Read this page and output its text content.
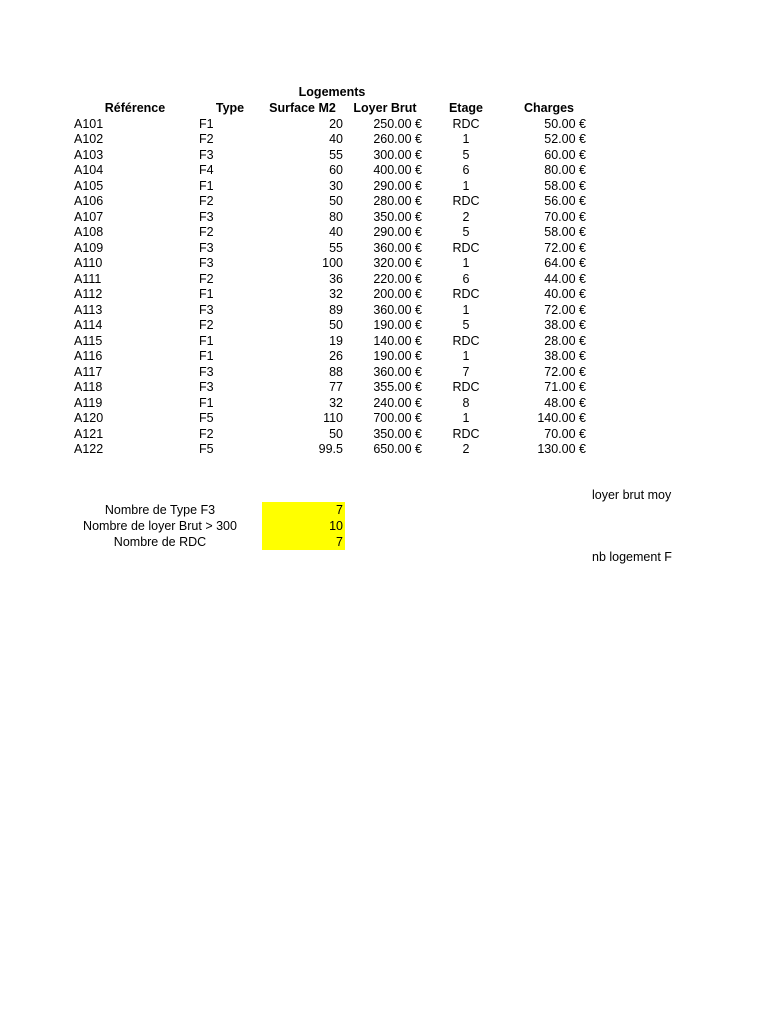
Logements
Référence	Type	Surface M2	Loyer Brut	Etage	Charges
A101	F1	20	250.00 €	RDC	50.00 €
A102	F2	40	260.00 €	1	52.00 €
A103	F3	55	300.00 €	5	60.00 €
A104	F4	60	400.00 €	6	80.00 €
A105	F1	30	290.00 €	1	58.00 €
A106	F2	50	280.00 €	RDC	56.00 €
A107	F3	80	350.00 €	2	70.00 €
A108	F2	40	290.00 €	5	58.00 €
A109	F3	55	360.00 €	RDC	72.00 €
A110	F3	100	320.00 €	1	64.00 €
A111	F2	36	220.00 €	6	44.00 €
A112	F1	32	200.00 €	RDC	40.00 €
A113	F3	89	360.00 €	1	72.00 €
A114	F2	50	190.00 €	5	38.00 €
A115	F1	19	140.00 €	RDC	28.00 €
A116	F1	26	190.00 €	1	38.00 €
A117	F3	88	360.00 €	7	72.00 €
A118	F3	77	355.00 €	RDC	71.00 €
A119	F1	32	240.00 €	8	48.00 €
A120	F5	110	700.00 €	1	140.00 €
A121	F2	50	350.00 €	RDC	70.00 €
A122	F5	99.5	650.00 €	2	130.00 €
Nombre de Type F3	7
Nombre de loyer Brut > 300	10
Nombre de RDC	7
loyer brut moy
nb logement F
